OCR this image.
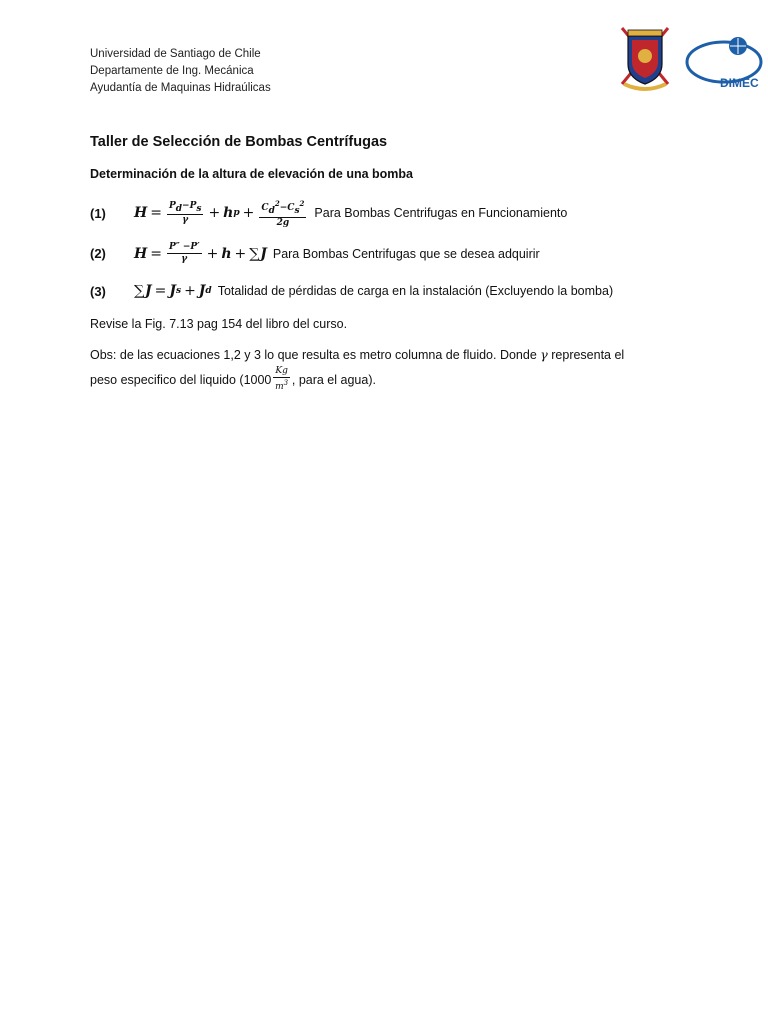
Universidad de Santiago de Chile
Departamente de Ing. Mecánica
Ayudantía de Maquinas Hidraúlicas	DIMEC
Taller de Selección de Bombas Centrífugas
Determinación de la altura de elevación de una bomba
(1)	$H = \frac{P_d-P_s}{\gamma} + h$ $p + \frac{C_d^2-C_s^2}{2g}$ Para Bombas Centrifugas en Funcionamiento
(2)	$H = \frac{P'' -P'}{\gamma} + h$ + ∑ J Para Bombas Centrifugas que se desea adquirir
(3)	∑ J = J s + J d Totalidad de pérdidas de carga en la instalación (Excluyendo la bomba)
Revise la Fig. 7.13 pag 154 del libro del curso.
Obs: de las ecuaciones 1,2 y 3 lo que resulta es metro columna de fluido. Donde γ representa el
peso especifico del liquido ($1000 \frac{Kg}{m^3}$ , para el agua).
